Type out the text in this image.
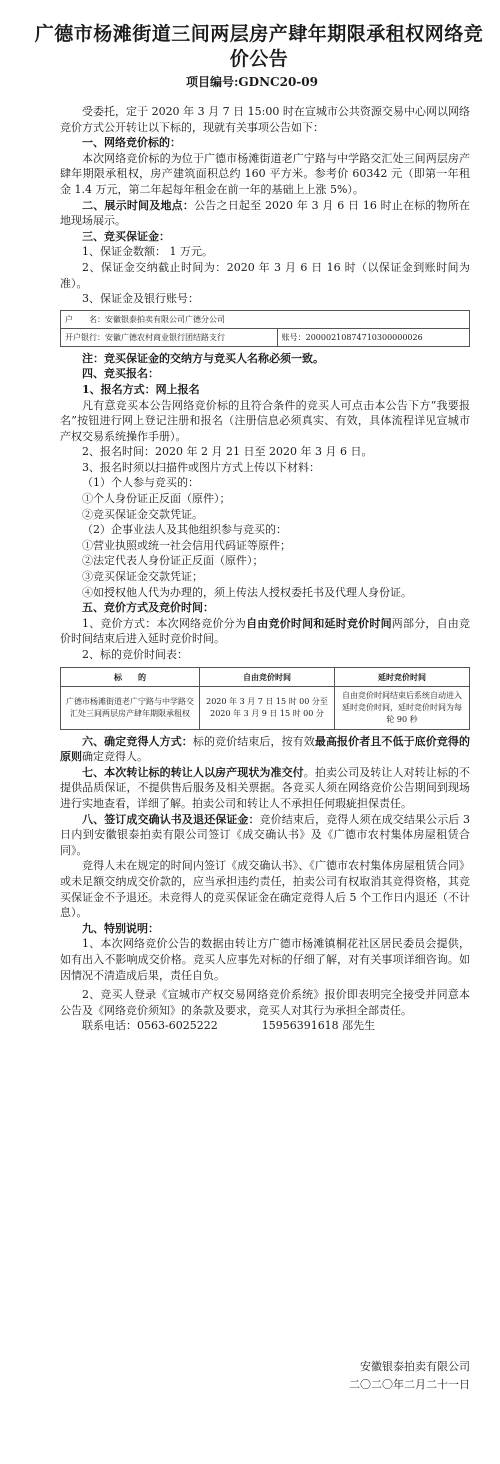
广德市杨滩街道三间两层房产肆年期限承租权网络竞价公告
项目编号:GDNC20-09

受委托，定于 2020 年 3 月 7 日 15:00 时在宣城市公共资源交易中心网以网络竞价方式公开转让以下标的，现就有关事项公告如下：

一、网络竞价标的：

本次网络竞价标的为位于广德市杨滩街道老广宁路与中学路交汇处三间两层房产肆年期限承租权，房产建筑面积总约 160 平方米。参考价 60342 元（即第一年租金 1.4 万元，第二年起每年租金在前一年的基础上上涨 5%）。

二、展示时间及地点：公告之日起至 2020 年 3 月 6 日 16 时止在标的物所在地现场展示。

三、竞买保证金：

1、保证金数额： 1 万元。

2、保证金交纳截止时间为：2020 年 3 月 6 日 16 时（以保证金到账时间为准）。

3、保证金及银行账号：

户　　名：安徽银泰拍卖有限公司广德分公司
开户银行：安徽广德农村商业银行团结路支行	账号：20000210874710300000026

注：竞买保证金的交纳方与竞买人名称必须一致。

四、竞买报名：

1、报名方式：网上报名

凡有意竞买本公告网络竞价标的且符合条件的竞买人可点击本公告下方“我要报名”按钮进行网上登记注册和报名（注册信息必须真实、有效，具体流程详见宣城市产权交易系统操作手册）。

2、报名时间：2020 年 2 月 21 日至 2020 年 3 月 6 日。

3、报名时须以扫描件或图片方式上传以下材料：

（1）个人参与竞买的：

①个人身份证正反面（原件）；

②竞买保证金交款凭证。

（2）企事业法人及其他组织参与竞买的：

①营业执照或统一社会信用代码证等原件；

②法定代表人身份证正反面（原件）；

③竞买保证金交款凭证；

④如授权他人代为办理的，须上传法人授权委托书及代理人身份证。

五、竞价方式及竞价时间：

1、竞价方式：本次网络竞价分为自由竞价时间和延时竞价时间两部分，自由竞价时间结束后进入延时竞价时间。

2、标的竞价时间表：

标　　的	自由竞价时间	延时竞价时间
广德市杨滩街道老广宁路与中学路交汇处三间两层房产肆年期限承租权	2020 年 3 月 7 日 15 时 00 分至 2020 年 3 月 9 日 15 时 00 分	自由竞价时间结束后系统自动进入延时竞价时间，延时竞价时间为每轮 90 秒

六、确定竞得人方式：标的竞价结束后，按有效最高报价者且不低于底价竞得的原则确定竞得人。

七、本次转让标的转让人以房产现状为准交付。拍卖公司及转让人对转让标的不提供品质保证，不提供售后服务及相关票据。各竞买人须在网络竞价公告期间到现场进行实地查看，详细了解。拍卖公司和转让人不承担任何瑕疵担保责任。

八、签订成交确认书及退还保证金：竞价结束后，竞得人须在成交结果公示后 3 日内到安徽银泰拍卖有限公司签订《成交确认书》及《广德市农村集体房屋租赁合同》。

竞得人未在规定的时间内签订《成交确认书》、《广德市农村集体房屋租赁合同》或未足额交纳成交价款的，应当承担违约责任，拍卖公司有权取消其竞得资格，其竞买保证金不予退还。未竞得人的竞买保证金在确定竞得人后 5 个工作日内退还（不计息）。

九、特别说明：

1、本次网络竞价公告的数据由转让方广德市杨滩镇桐花社区居民委员会提供，如有出入不影响成交价格。竞买人应事先对标的仔细了解，对有关事项详细咨询。如因情况不清造成后果，责任自负。

2、竞买人登录《宣城市产权交易网络竞价系统》报价即表明完全接受并同意本公告及《网络竞价须知》的条款及要求，竞买人对其行为承担全部责任。

联系电话：0563-6025222　　　　15956391618 邵先生

安徽银泰拍卖有限公司
二〇二〇年二月二十一日
